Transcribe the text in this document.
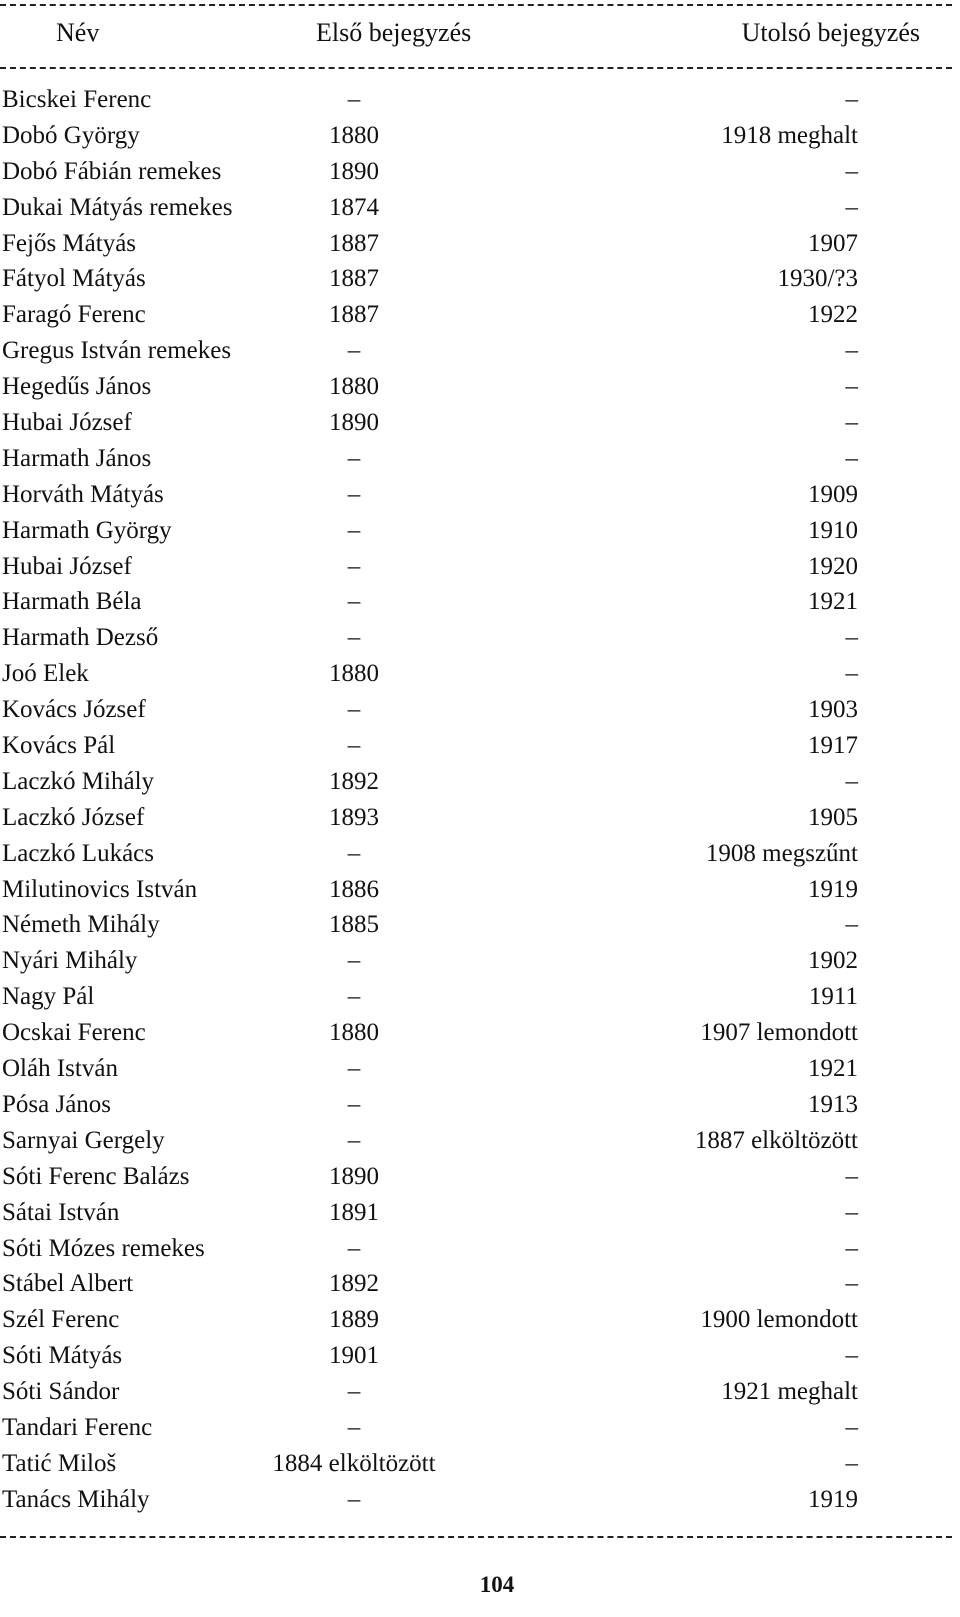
Név	Első bejegyzés	Utolsó bejegyzés
Bicskei Ferenc	–	–
Dobó György	1880	1918 meghalt
Dobó Fábián remekes	1890	–
Dukai Mátyás remekes	1874	–
Fejős Mátyás	1887	1907
Fátyol Mátyás	1887	1930/?3
Faragó Ferenc	1887	1922
Gregus István remekes	–	–
Hegedűs János	1880	–
Hubai József	1890	–
Harmath János	–	–
Horváth Mátyás	–	1909
Harmath György	–	1910
Hubai József	–	1920
Harmath Béla	–	1921
Harmath Dezső	–	–
Joó Elek	1880	–
Kovács József	–	1903
Kovács Pál	–	1917
Laczkó Mihály	1892	–
Laczkó József	1893	1905
Laczkó Lukács	–	1908 megszűnt
Milutinovics István	1886	1919
Németh Mihály	1885	–
Nyári Mihály	–	1902
Nagy Pál	–	1911
Ocskai Ferenc	1880	1907 lemondott
Oláh István	–	1921
Pósa János	–	1913
Sarnyai Gergely	–	1887 elköltözött
Sóti Ferenc Balázs	1890	–
Sátai István	1891	–
Sóti Mózes remekes	–	–
Stábel Albert	1892	–
Szél Ferenc	1889	1900 lemondott
Sóti Mátyás	1901	–
Sóti Sándor	–	1921 meghalt
Tandari Ferenc	–	–
Tatić Miloš	1884 elköltözött	–
Tanács Mihály	–	1919
104
